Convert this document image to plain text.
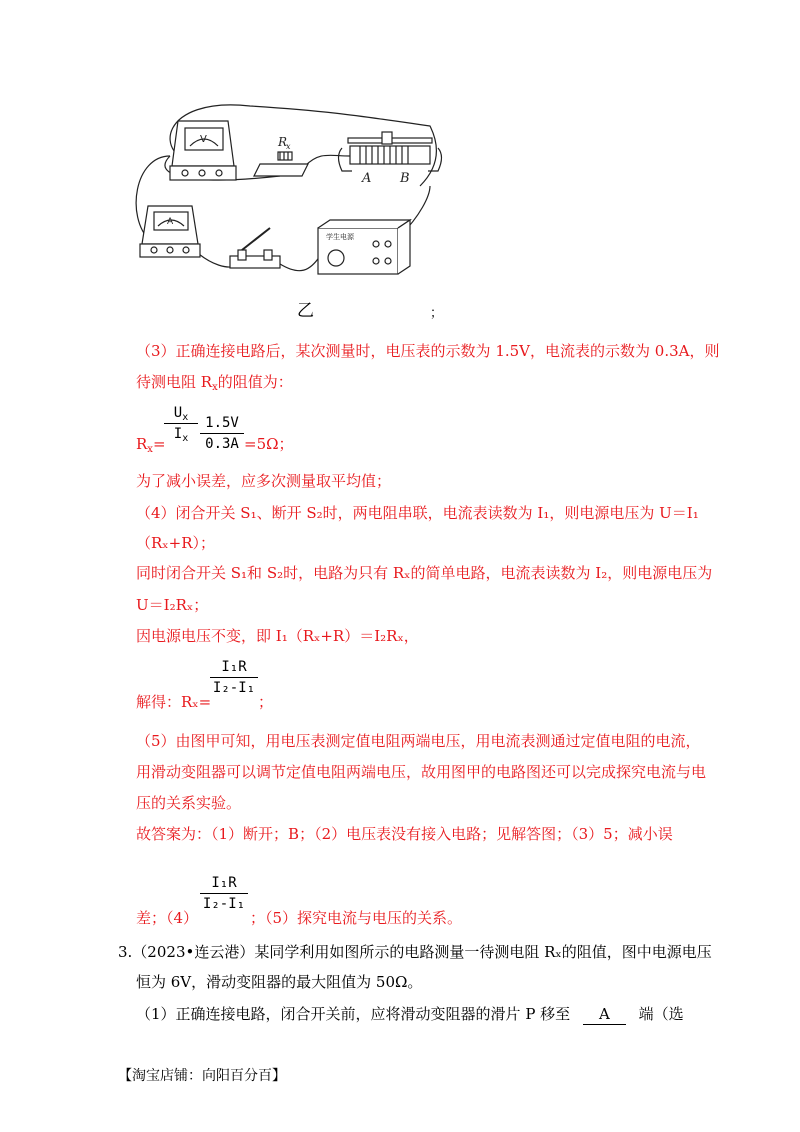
V	R
x
A B
A
学生电源
乙	；
（3）正确连接电路后，某次测量时，电压表的示数为 1.5V，电流表的示数为 0.3A，则
待测电阻 $R_x$的阻值为：
$U_x$
$I_x$
1.5V
0.3A
$R_x=$	=5Ω；
为了减小误差，应多次测量取平均值；
（4）闭合开关 S₁、断开 S₂时，两电阻串联，电流表读数为 I₁，则电源电压为 U＝I₁
（Rₓ+R）；
同时闭合开关 S₁和 S₂时，电路为只有 Rₓ的简单电路，电流表读数为 I₂，则电源电压为
U＝I₂Rₓ；
因电源电压不变，即 I₁（Rₓ+R）＝I₂Rₓ，
解得：Rₓ=
I₁R
I₂-I₁
；
（5）由图甲可知，用电压表测定值电阻两端电压，用电流表测通过定值电阻的电流，
用滑动变阻器可以调节定值电阻两端电压，故用图甲的电路图还可以完成探究电流与电
压的关系实验。
故答案为：（1）断开；B；（2）电压表没有接入电路；见解答图；（3）5；减小误
差；（4）
I₁R
I₂-I₁
；（5）探究电流与电压的关系。
3.（2023•连云港）某同学利用如图所示的电路测量一待测电阻 Rₓ的阻值，图中电源电压
恒为 6V，滑动变阻器的最大阻值为 50Ω。
（1）正确连接电路，闭合开关前，应将滑动变阻器的滑片 P 移至 A 端（选
【淘宝店铺：向阳百分百】
